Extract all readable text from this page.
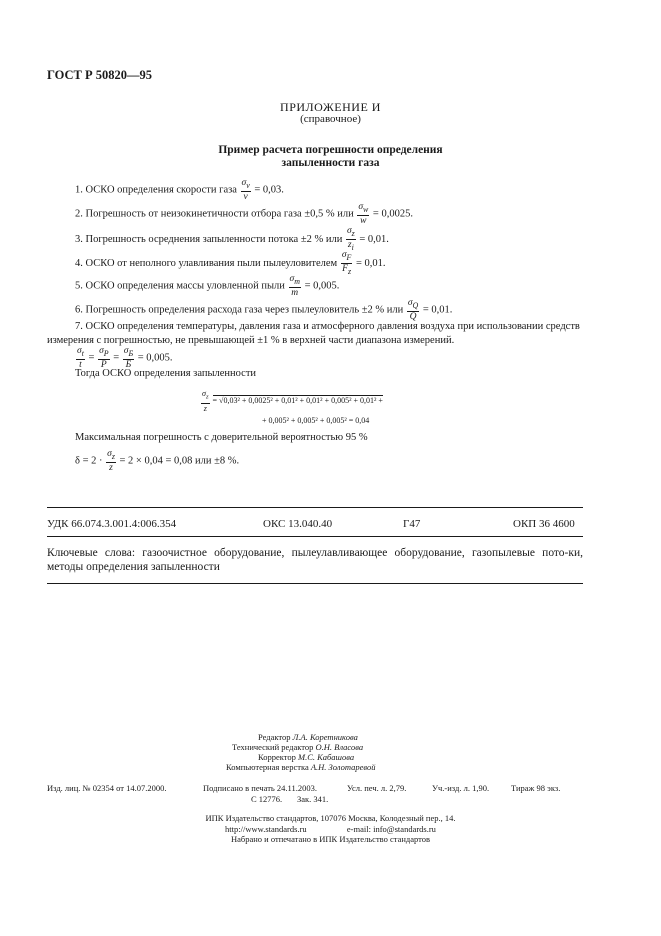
ГОСТ Р 50820—95
ПРИЛОЖЕНИЕ И
(справочное)
Пример расчета погрешности определения
запыленности газа
1. ОСКО определения скорости газа $\frac{\sigma_v}{v} = 0,03$.
2. Погрешность от неизокинетичности отбора газа ±0,5 % или $\frac{\sigma_w}{w} = 0,0025$.
3. Погрешность осреднения запыленности потока ±2 % или $\frac{\sigma_z}{z_i} = 0,01$.
4. ОСКО от неполного улавливания пыли пылеуловителем $\frac{\sigma_F}{F_z} = 0,01$.
5. ОСКО определения массы уловленной пыли $\frac{\sigma_m}{m} = 0,005$.
6. Погрешность определения расхода газа через пылеуловитель ±2 % или $\frac{\sigma_Q}{Q} = 0,01$.
7. ОСКО определения температуры, давления газа и атмосферного давления воздуха при использовании средств измерения с погрешностью, не превышающей ±1 % в верхней части диапазона измерений.
$\frac{\sigma_t}{t} = \frac{\sigma_P}{P} = \frac{\sigma_Б}{Б} = 0,005$.
Тогда ОСКО определения запыленности
$\frac{\sigma_z}{z} = √0,03^2 + 0,0025^2 + 0,01^2 + 0,01^2 + 0,005^2 + 0,01^2$ +
+ 0,005² + 0,005² + 0,005² = 0,04
Максимальная погрешность с доверительной вероятностью 95 %
$\delta = 2 \cdot \frac{\sigma_z}{z} = 2 \times 0,04 = 0,08$ или ±8 %.
УДК 66.074.3.001.4:006.354	ОКС 13.040.40	Г47	ОКП 36 4600
Ключевые слова: газоочистное оборудование, пылеулавливающее оборудование, газопылевые пото-ки, методы определения запыленности
Редактор Л.А. Коретникова
Технический редактор О.Н. Власова
Корректор М.С. Кабашова
Компьютерная верстка А.Н. Золотаревой
Изд. лиц. № 02354 от 14.07.2000.	Подписано в печать 24.11.2003.	Усл. печ. л. 2,79.	Уч.-изд. л. 1,90.	Тираж 98 экз.
С 12776. Зак. 341.
ИПК Издательство стандартов, 107076 Москва, Колодезный пер., 14.
http://www.standards.ru	e-mail: info@standards.ru
Набрано и отпечатано в ИПК Издательство стандартов
